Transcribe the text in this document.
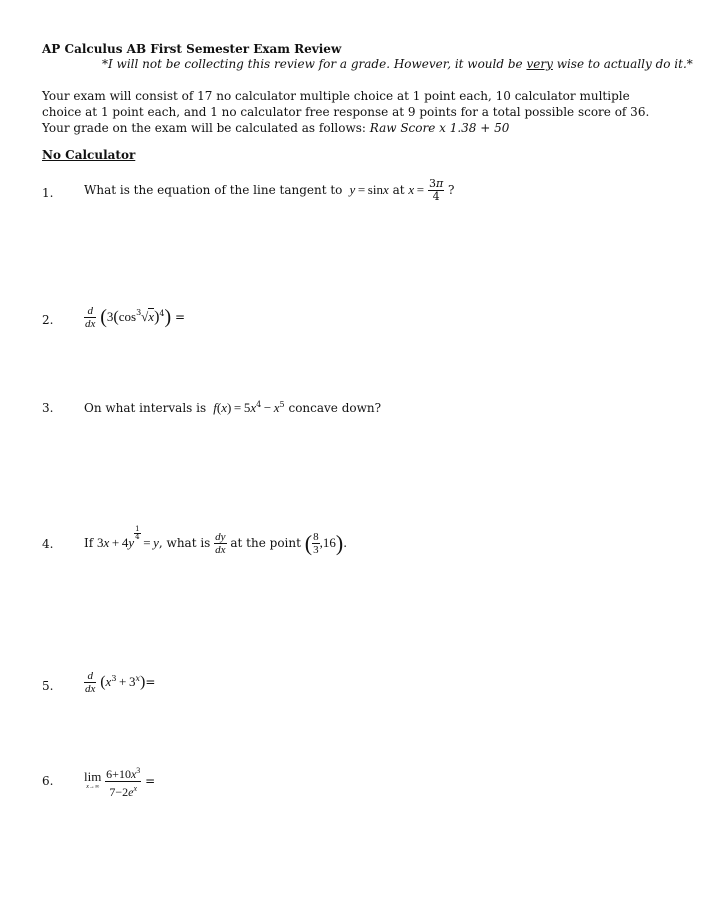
AP Calculus AB First Semester Exam Review
*I will not be collecting this review for a grade. However, it would be very wise to actually do it.*
Your exam will consist of 17 no calculator multiple choice at 1 point each, 10 calculator multiple choice at 1 point each, and 1 no calculator free response at 9 points for a total possible score of 36. Your grade on the exam will be calculated as follows: Raw Score x 1.38 + 50
No Calculator
1.	What is the equation of the line tangent to  y = sinx at $x = \frac{3\pi}{4}$ ?
2.	$\frac{d}{dx} (3(\cos^3√x)^4)$ =
3.	On what intervals is  $f(x) = 5x^4 - x^5$ concave down?
4.	If 3x + 4y
$\frac{1}{4}$
 = y, what is $\frac{dy}{dx}$ at the point ( $\frac{8}{3} ,16$).
5.	$\frac{d}{dx} (x^3 + 3^x)=$
6. lim
x→∞
$\frac{6+10x^3}{7-2e^x}$ =
